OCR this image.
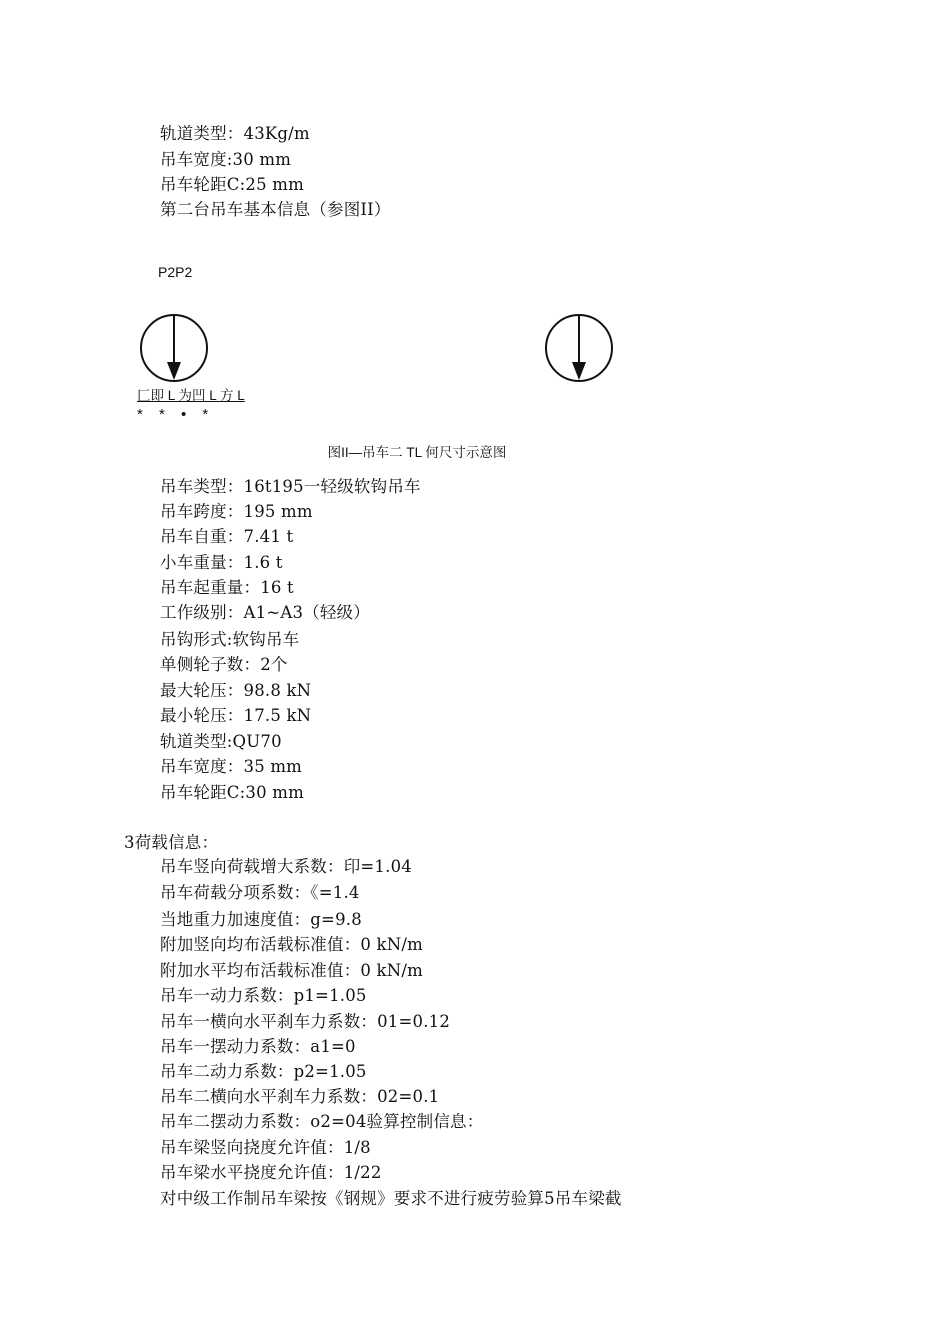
轨道类型：43Kg/m
吊车宽度:30 mm
吊车轮距C:25 mm
第二台吊车基本信息（参图II）
P2P2
匚即 L 为凹 L 方 L
* * • *
图II—吊车二 TL 何尺寸示意图
吊车类型：16t195一轻级软钩吊车
吊车跨度：195 mm
吊车自重：7.41 t
小车重量：1.6 t
吊车起重量：16 t
工作级别：A1~A3（轻级）
吊钩形式:软钩吊车
单侧轮子数：2个
最大轮压：98.8 kN
最小轮压：17.5 kN
轨道类型:QU70
吊车宽度：35 mm
吊车轮距C:30 mm
3荷载信息：
吊车竖向荷载增大系数：印=1.04
吊车荷载分项系数：《=1.4
当地重力加速度值：g=9.8
附加竖向均布活载标准值：0 kN/m
附加水平均布活载标准值：0 kN/m
吊车一动力系数：p1=1.05
吊车一横向水平刹车力系数：01=0.12
吊车一摆动力系数：a1=0
吊车二动力系数：p2=1.05
吊车二横向水平刹车力系数：02=0.1
吊车二摆动力系数：o2=04验算控制信息：
吊车梁竖向挠度允许值：1/8
吊车梁水平挠度允许值：1/22
对中级工作制吊车梁按《钢规》要求不进行疲劳验算5吊车梁截
